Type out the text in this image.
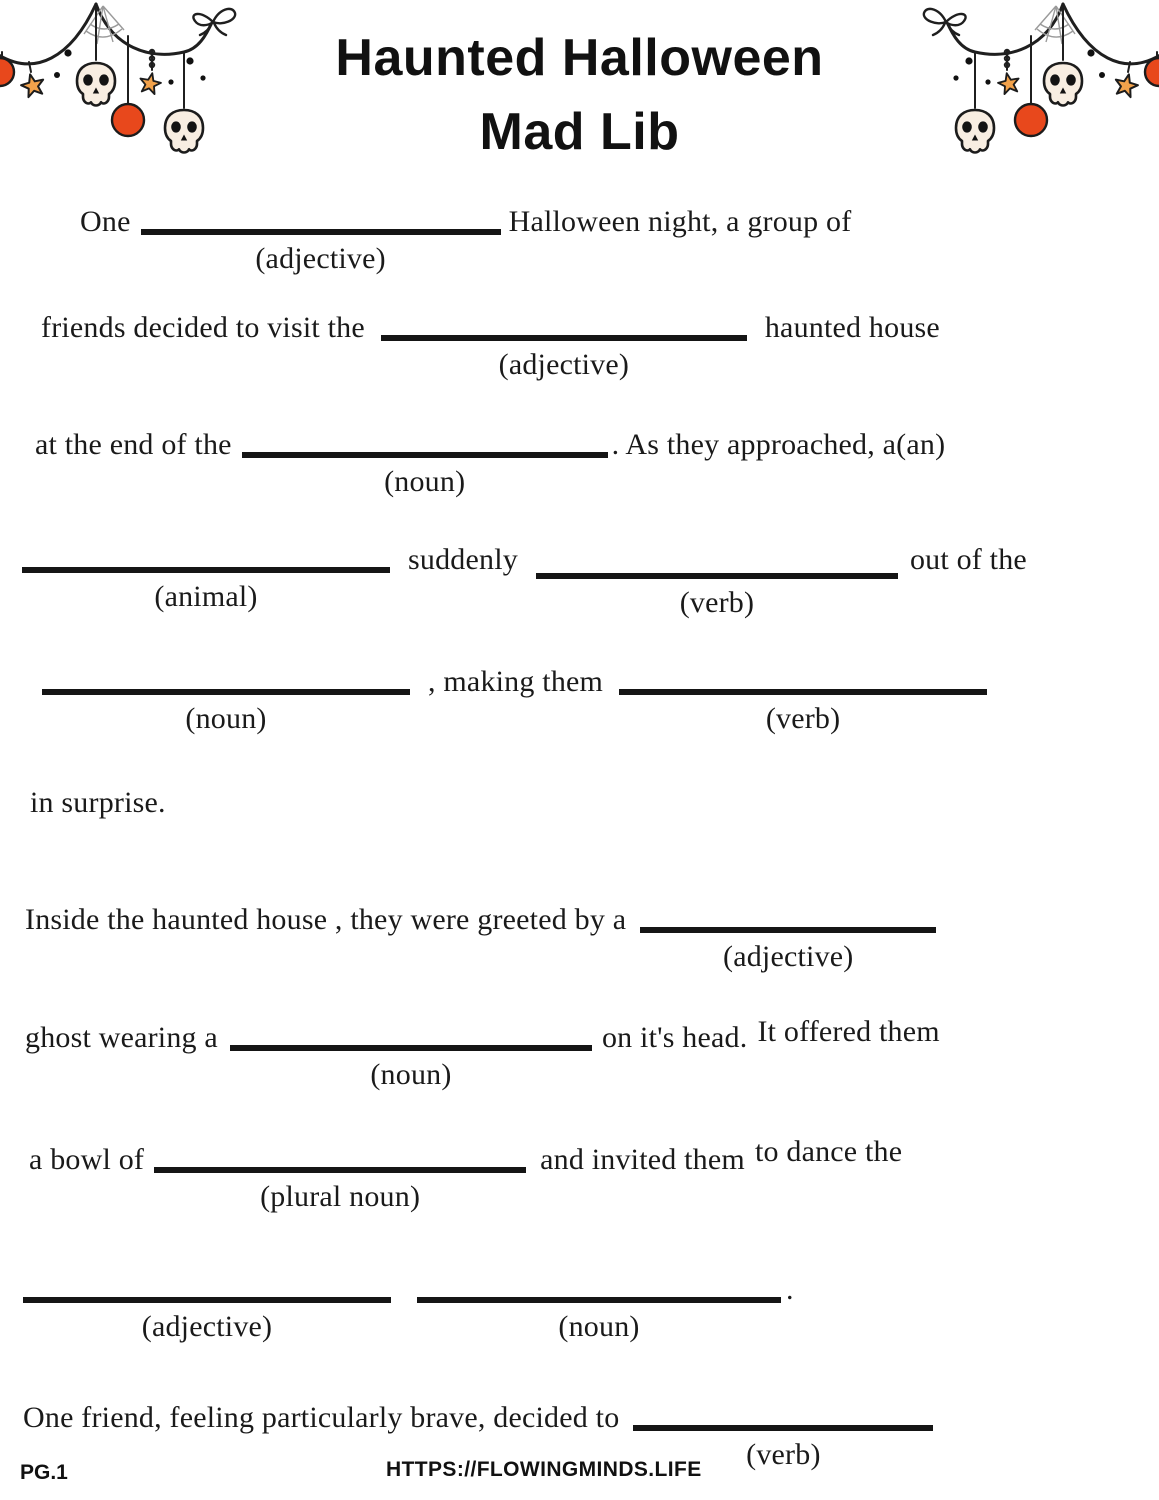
Haunted Halloween
Mad Lib
One
(adjective)
Halloween night, a group of
friends decided to visit the
(adjective)
haunted house
at the end of the
(noun)
. As they approached, a(an)
(animal)
suddenly
(verb)
out of the
(noun)
, making them
(verb)
in surprise.
Inside the haunted house , they were greeted by a
(adjective)
ghost wearing a
(noun)
on it's head. It offered them
a bowl of
(plural noun)
and invited them to dance the
(adjective)	(noun)
.
One friend, feeling particularly brave, decided to
(verb)
PG.1	HTTPS://FLOWINGMINDS.LIFE
